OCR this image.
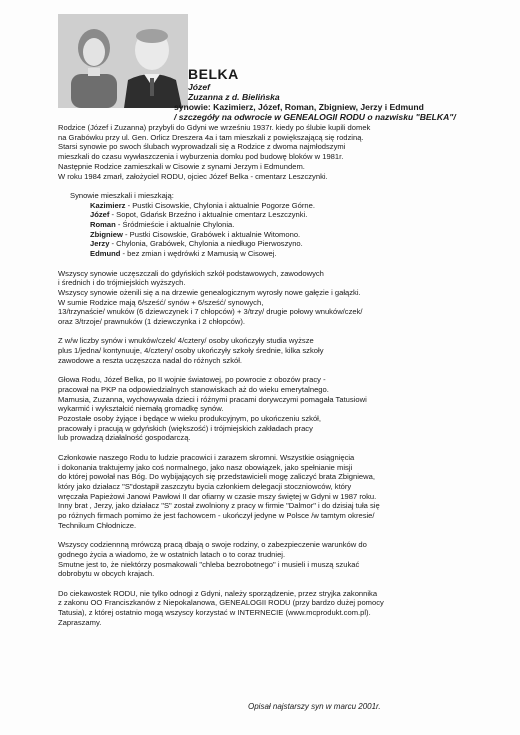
BELKA
Józef
Zuzanna z d. Bielińska
synowie: Kazimierz, Józef, Roman, Zbigniew, Jerzy i Edmund
/ szczegóły na odwrocie w GENEALOGII RODU o nazwisku "BELKA"/
Rodzice (Józef i Zuzanna) przybyli do Gdyni we wrześniu 1937r. kiedy po ślubie kupili domek
na Grabówku przy ul. Gen. Orlicz Dreszera 4a i tam mieszkali z powiększającą się rodziną.
Starsi synowie po swoch ślubach wyprowadzali się a Rodzice z dwoma najmłodszymi
mieszkali do czasu wywłaszczenia i wyburzenia domku pod budowę bloków w 1981r.
Następnie Rodzice zamieszkali w Cisowie z synami Jerzym i Edmundem.
W roku 1984 zmarł, założyciel RODU, ojciec Józef Belka - cmentarz Leszczynki.
Synowie mieszkali i mieszkają:
Kazimierz - Pustki Cisowskie, Chylonia i aktualnie Pogorze Górne.
Józef - Sopot, Gdańsk Brzeźno i aktualnie cmentarz Leszczynki.
Roman - Śródmieście i aktualnie Chylonia.
Zbigniew - Pustki Cisowskie, Grabówek i aktualnie Witomono.
Jerzy - Chylonia, Grabówek, Chylonia a niedługo Pierwoszyno.
Edmund - bez zmian i wędrówki z Mamusią w Cisowej.
Wszyscy synowie uczęszczali do gdyńskich szkół podstawowych, zawodowych
i średnich i do trójmiejskich wyższych.
Wszyscy synowie ożenili się a na drzewie genealogicznym wyrosły nowe gałęzie i gałązki.
W sumie Rodzice mają 6/sześć/ synów + 6/sześć/ synowych,
13/trzynaście/ wnuków (6 dziewczynek i 7 chłopców) + 3/trzy/ drugie połowy wnuków/czek/
oraz 3/trzoje/ prawnuków (1 dziewczynka i 2 chłopców).
Z w/w liczby synów i wnuków/czek/ 4/cztery/ osoby ukończyły studia wyższe
plus 1/jedna/ kontynuuje, 4/cztery/ osoby ukończyły szkoły średnie, kilka szkoły
zawodowe a reszta uczęszcza nadal do różnych szkół.
Głowa Rodu, Józef Belka, po II wojnie światowej, po powrocie z obozów pracy -
pracował na PKP na odpowiedzialnych stanowiskach aż do wieku emerytalnego.
Mamusia, Zuzanna, wychowywała dzieci i różnymi pracami dorywczymi pomagała Tatusiowi
wykarmić i wykształcić niemałą gromadkę synów.
Pozostałe osoby żyjące i będące w wieku produkcyjnym, po ukończeniu szkół,
pracowały i pracują w gdyńskich (większość) i trójmiejskich zakładach pracy
lub prowadzą działalność gospodarczą.
Członkowie naszego Rodu to ludzie pracowici i zarazem skromni. Wszystkie osiągnięcia
i dokonania traktujemy jako coś normalnego, jako nasz obowiązek, jako spełnianie misji
do której powołał nas Bóg. Do wybijających się przedstawicieli mogę zaliczyć brata Zbigniewa,
który jako działacz "S"dostąpił zaszczytu bycia członkiem delegacji stoczniowców, który
wręczała Papieżowi Janowi Pawłowi II dar ofiarny w czasie mszy świętej w Gdyni w 1987 roku.
Inny brat , Jerzy, jako działacz "S" został zwolniony z pracy w firmie "Dalmor" i do dzisiaj tuła się
po różnych firmach pomimo że jest fachowcem - ukończył jedyne w Polsce /w tamtym okresie/
Technikum Chłodnicze.
Wszyscy codziennną mrówczą pracą dbają o swoje rodziny, o zabezpieczenie warunków do
godnego życia a wiadomo, że w ostatnich latach o to coraz trudniej.
Smutne jest to, że niektórzy posmakowali "chleba bezrobotnego" i musieli i muszą szukać
dobrobytu w obcych krajach.
Do ciekawostek RODU, nie tylko odnogi z Gdyni, należy sporządzenie, przez stryjka zakonnika
z zakonu OO Franciszkanów z Niepokalanowa, GENEALOGII RODU (przy bardzo dużej pomocy
Tatusia), z której ostatnio mogą wszyscy korzystać w INTERNECIE (www.mcprodukt.com.pl).
Zapraszamy.
Opisał najstarszy syn w marcu 2001r.
